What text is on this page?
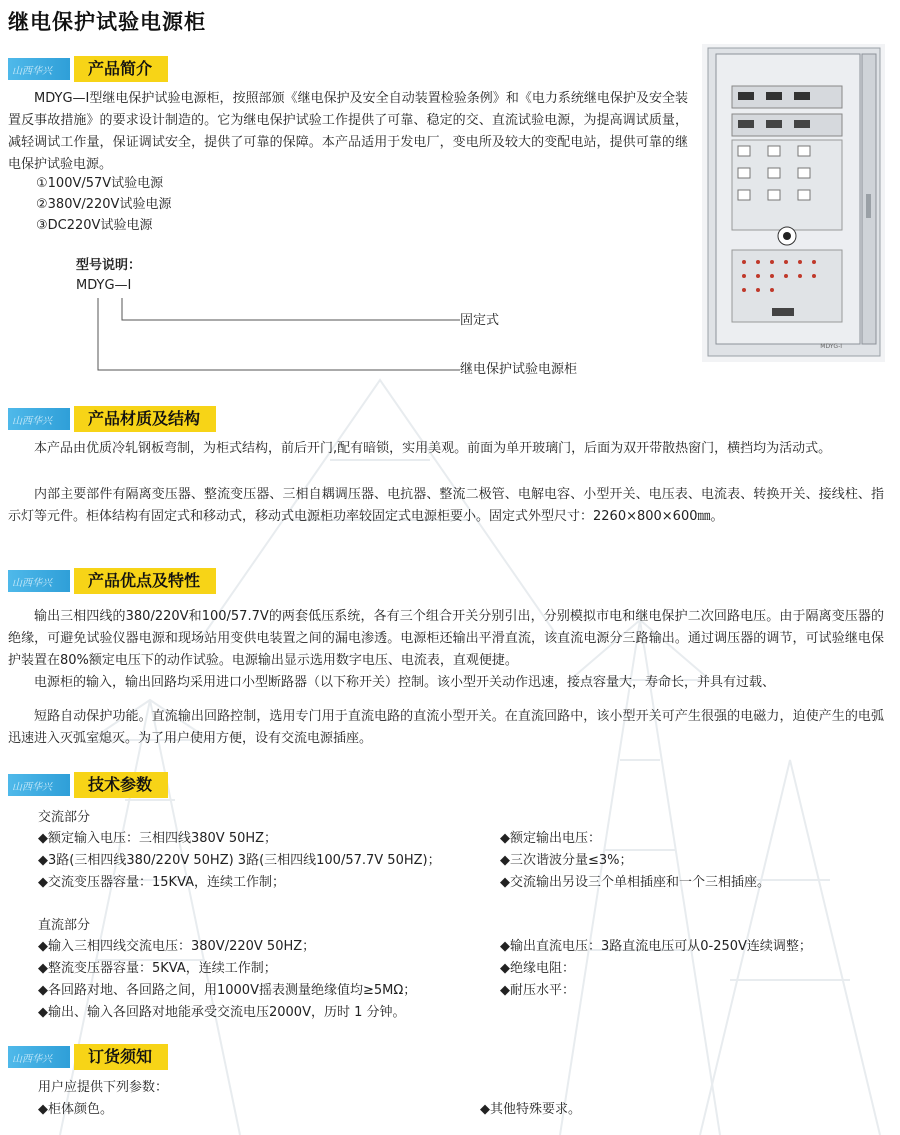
继电保护试验电源柜
山西华兴	产品简介

MDYG—I型继电保护试验电源柜，按照部颁《继电保护及安全自动装置检验条例》和《电力系统继电保护及安全装置反事故措施》的要求设计制造的。它为继电保护试验工作提供了可靠、稳定的交、直流试验电源，为提高调试质量，减轻调试工作量，保证调试安全，提供了可靠的保障。本产品适用于发电厂，变电所及较大的变配电站，提供可靠的继电保护试验电源。

①100V/57V试验电源
②380V/220V试验电源
③DC220V试验电源
型号说明：
MDYG—I
固定式
继电保护试验电源柜
MDYG-I
山西华兴	产品材质及结构

本产品由优质冷轧钢板弯制，为柜式结构，前后开门,配有暗锁，实用美观。前面为单开玻璃门，后面为双开带散热窗门，横挡均为活动式。

内部主要部件有隔离变压器、整流变压器、三相自耦调压器、电抗器、整流二极管、电解电容、小型开关、电压表、电流表、转换开关、接线柱、指示灯等元件。柜体结构有固定式和移动式，移动式电源柜功率较固定式电源柜要小。固定式外型尺寸：2260×800×600㎜。

山西华兴	产品优点及特性

输出三相四线的380/220V和100/57.7V的两套低压系统，各有三个组合开关分别引出，分别模拟市电和继电保护二次回路电压。由于隔离变压器的绝缘，可避免试验仪器电源和现场站用变供电装置之间的漏电渗透。电源柜还输出平滑直流，该直流电源分三路输出。通过调压器的调节，可试验继电保护装置在80%额定电压下的动作试验。电源输出显示选用数字电压、电流表，直观便捷。

电源柜的输入，输出回路均采用进口小型断路器（以下称开关）控制。该小型开关动作迅速，接点容量大，寿命长，并具有过载、

短路自动保护功能。直流输出回路控制，选用专门用于直流电路的直流小型开关。在直流回路中，该小型开关可产生很强的电磁力，迫使产生的电弧迅速进入灭弧室熄灭。为了用户使用方便，设有交流电源插座。

山西华兴	技术参数
交流部分
◆额定输入电压：三相四线380V 50HZ；
◆3路(三相四线380/220V 50HZ) 3路(三相四线100/57.7V 50HZ)；
◆交流变压器容量：15KVA，连续工作制；
◆额定输出电压：
◆三次谐波分量≤3%；
◆交流输出另设三个单相插座和一个三相插座。
直流部分
◆输入三相四线交流电压：380V/220V 50HZ；
◆整流变压器容量：5KVA，连续工作制；
◆各回路对地、各回路之间，用1000V摇表测量绝缘值均≥5MΩ；
◆输出、输入各回路对地能承受交流电压2000V，历时 1 分钟。
◆输出直流电压：3路直流电压可从0-250V连续调整；
◆绝缘电阻：
◆耐压水平：
山西华兴	订货须知
用户应提供下列参数：
◆柜体颜色。	◆其他特殊要求。
